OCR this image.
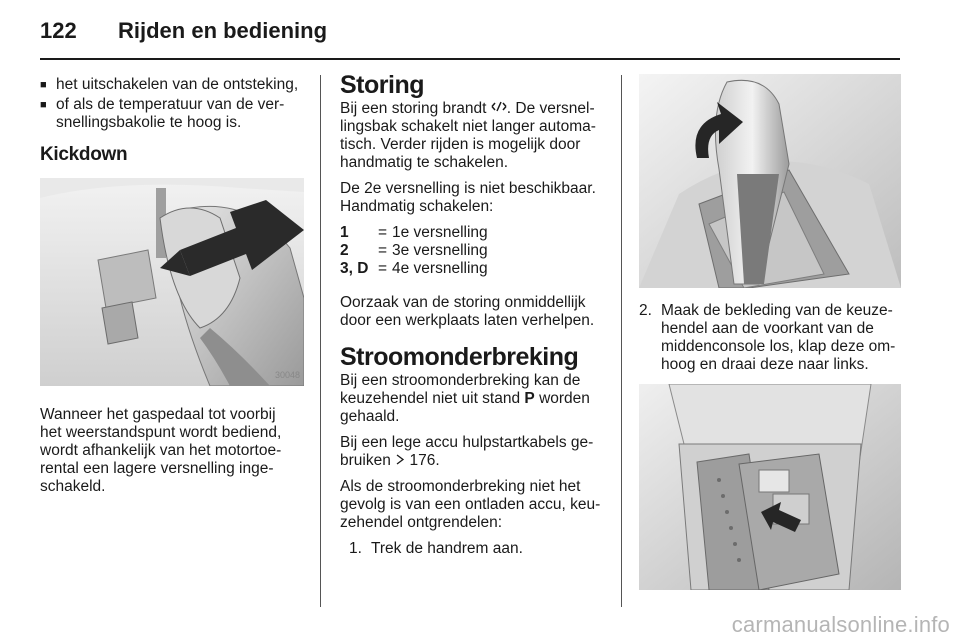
122 Rijden en bediening
■ het uitschakelen van de ontsteking,
■ of als de temperatuur van de ver-
snellingsbakolie te hoog is.
Kickdown
30048

Wanneer het gaspedaal tot voorbij
het weerstandspunt wordt bediend,
wordt afhankelijk van het motortoe-
rental een lagere versnelling inge-
schakeld.

Storing

Bij een storing brandt . De versnel-
lingsbak schakelt niet langer automa-
tisch. Verder rijden is mogelijk door
handmatig te schakelen.

De 2e versnelling is niet beschikbaar.
Handmatig schakelen:

1	=	1e versnelling
2	=	3e versnelling
3, D	=	4e versnelling

Oorzaak van de storing onmiddellijk
door een werkplaats laten verhelpen.

Stroomonderbreking

Bij een stroomonderbreking kan de
keuzehendel niet uit stand P worden
gehaald.

Bij een lege accu hulpstartkabels ge-
bruiken 176.

Als de stroomonderbreking niet het
gevolg is van een ontladen accu, keu-
zehendel ontgrendelen:

1. Trek de handrem aan.
2. Maak de bekleding van de keuze-
hendel aan de voorkant van de
middenconsole los, klap deze om-
hoog en draai deze naar links.
carmanualsonline.info
